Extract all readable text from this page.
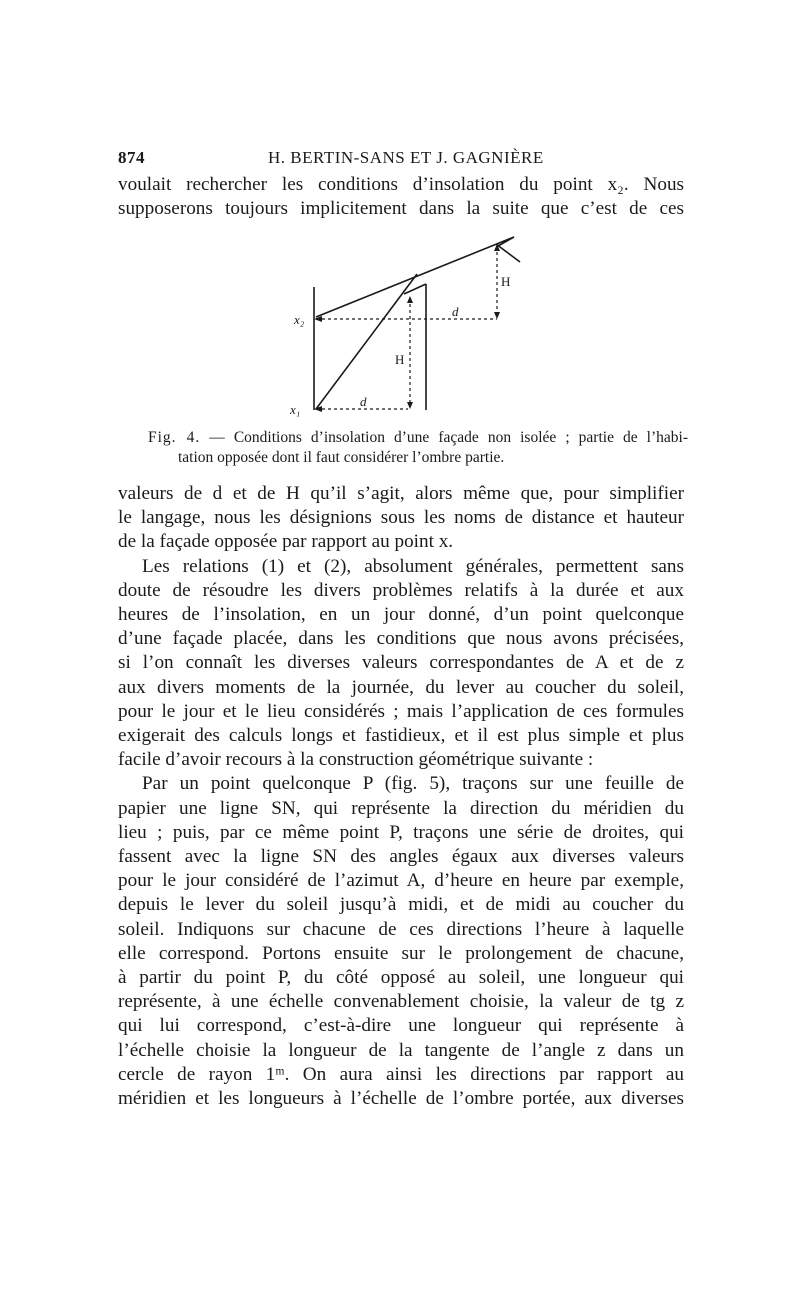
874	H. BERTIN-SANS ET J. GAGNIÈRE

voulait rechercher les conditions d’insolation du point x₂. Nous

supposerons toujours implicitement dans la suite que c’est de ces

x₂
x₁
H
H
d
d
Fig. 4. — Conditions d’insolation d’une façade non isolée ; partie de l’habi-
tation opposée dont il faut considérer l’ombre partie.

valeurs de d et de H qu’il s’agit, alors même que, pour simplifier

le langage, nous les désignions sous les noms de distance et hauteur

de la façade opposée par rapport au point x.

Les relations (1) et (2), absolument générales, permettent sans

doute de résoudre les divers problèmes relatifs à la durée et aux

heures de l’insolation, en un jour donné, d’un point quelconque

d’une façade placée, dans les conditions que nous avons précisées,

si l’on connaît les diverses valeurs correspondantes de A et de z

aux divers moments de la journée, du lever au coucher du soleil,

pour le jour et le lieu considérés ; mais l’application de ces formules

exigerait des calculs longs et fastidieux, et il est plus simple et plus

facile d’avoir recours à la construction géométrique suivante :

Par un point quelconque P (fig. 5), traçons sur une feuille de

papier une ligne SN, qui représente la direction du méridien du

lieu ; puis, par ce même point P, traçons une série de droites, qui

fassent avec la ligne SN des angles égaux aux diverses valeurs

pour le jour considéré de l’azimut A, d’heure en heure par exemple,

depuis le lever du soleil jusqu’à midi, et de midi au coucher du

soleil. Indiquons sur chacune de ces directions l’heure à laquelle

elle correspond. Portons ensuite sur le prolongement de chacune,

à partir du point P, du côté opposé au soleil, une longueur qui

représente, à une échelle convenablement choisie, la valeur de tg z

qui lui correspond, c’est-à-dire une longueur qui représente à

l’échelle choisie la longueur de la tangente de l’angle z dans un

cercle de rayon 1ᵐ. On aura ainsi les directions par rapport au

méridien et les longueurs à l’échelle de l’ombre portée, aux diverses
